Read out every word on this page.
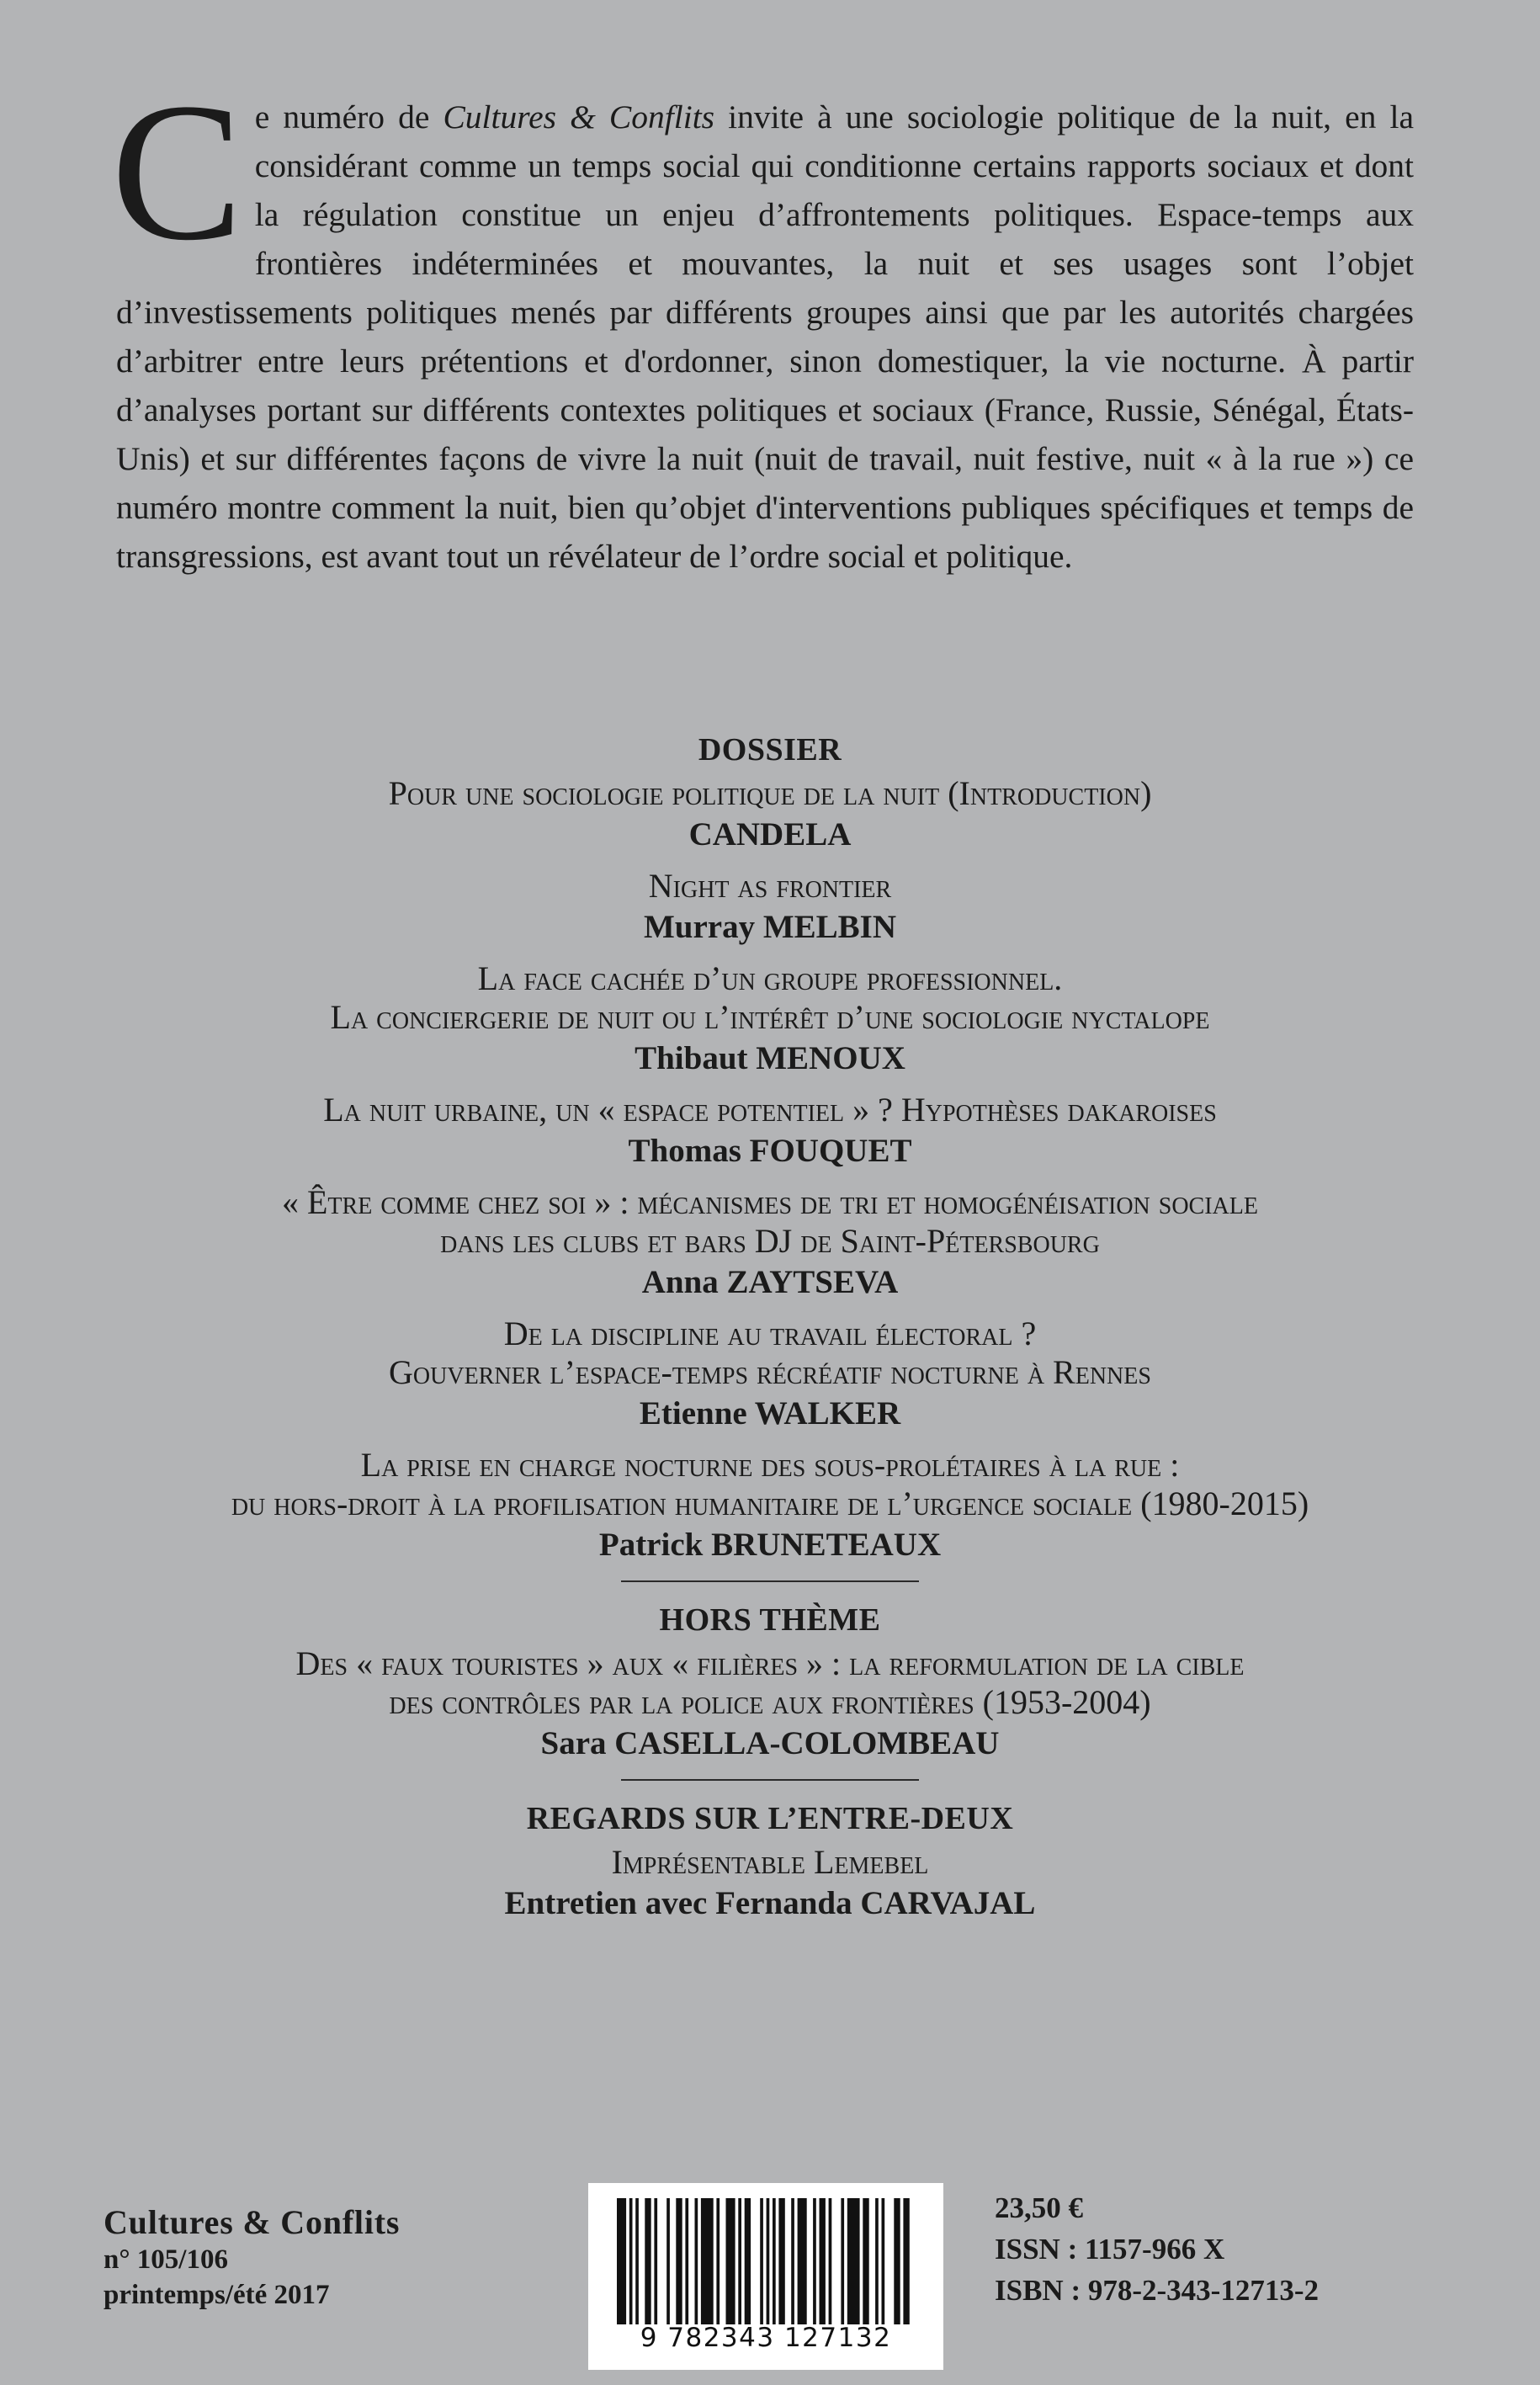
Ce numéro de Cultures & Conflits invite à une sociologie politique de la nuit, en la considérant comme un temps social qui conditionne certains rapports sociaux et dont la régulation constitue un enjeu d’affrontements politiques. Espace-temps aux frontières indéterminées et mouvantes, la nuit et ses usages sont l’objet d’investissements politiques menés par différents groupes ainsi que par les autorités chargées d’arbitrer entre leurs prétentions et d'ordonner, sinon domestiquer, la vie nocturne. À partir d’analyses portant sur différents contextes politiques et sociaux (France, Russie, Sénégal, États-Unis) et sur différentes façons de vivre la nuit (nuit de travail, nuit festive, nuit « à la rue ») ce numéro montre comment la nuit, bien qu’objet d'interventions publiques spécifiques et temps de transgressions, est avant tout un révélateur de l’ordre social et politique.
DOSSIER
Pour une sociologie politique de la nuit (Introduction)
CANDELA
Night as frontier
Murray MELBIN
La face cachée d’un groupe professionnel.
La conciergerie de nuit ou l’intérêt d’une sociologie nyctalope
Thibaut MENOUX
La nuit urbaine, un « espace potentiel » ? Hypothèses dakaroises
Thomas FOUQUET
« Être comme chez soi » : mécanismes de tri et homogénéisation sociale
dans les clubs et bars DJ de Saint-Pétersbourg
Anna ZAYTSEVA
De la discipline au travail électoral ?
Gouverner l’espace-temps récréatif nocturne à Rennes
Etienne WALKER
La prise en charge nocturne des sous-prolétaires à la rue :
du hors-droit à la profilisation humanitaire de l’urgence sociale (1980-2015)
Patrick BRUNETEAUX
HORS THÈME
Des « faux touristes » aux « filières » : la reformulation de la cible
des contrôles par la police aux frontières (1953-2004)
Sara CASELLA-COLOMBEAU
REGARDS SUR L’ENTRE-DEUX
Imprésentable Lemebel
Entretien avec Fernanda CARVAJAL
Cultures & Conflits
n° 105/106
printemps/été 2017
9 782343 127132
23,50 €
ISSN : 1157-966 X
ISBN : 978-2-343-12713-2
